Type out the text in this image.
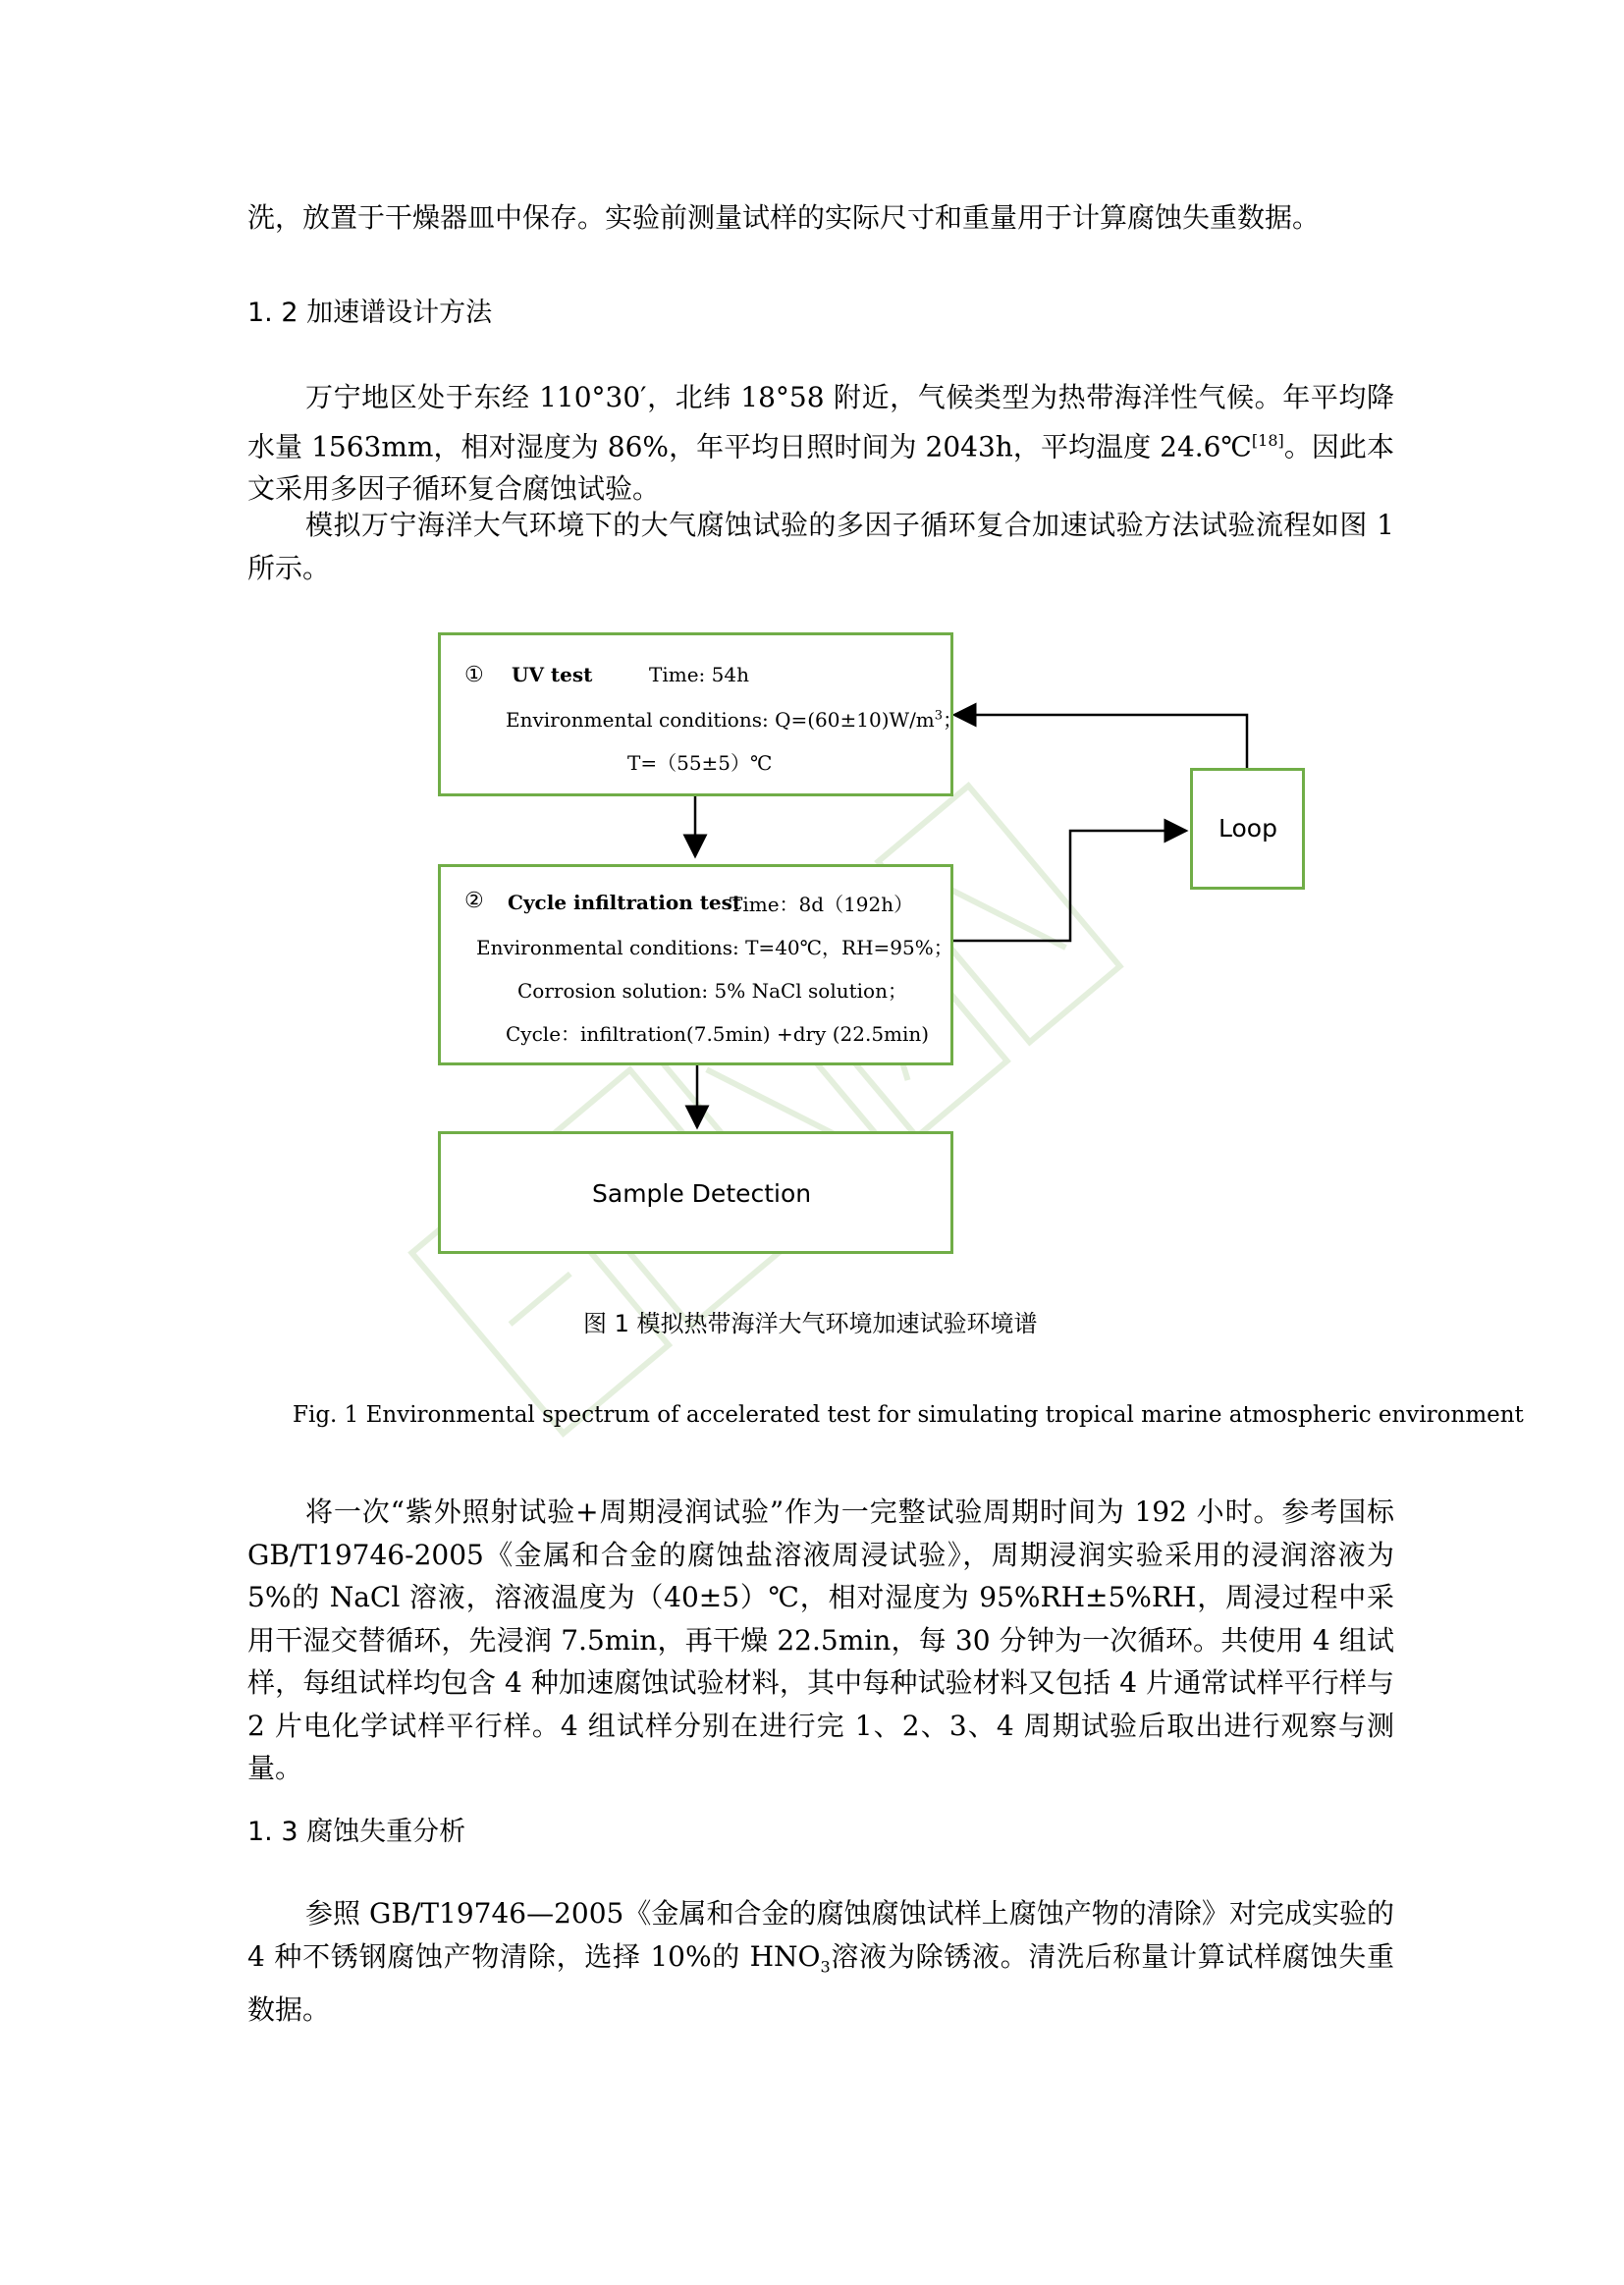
洗，放置于干燥器皿中保存。实验前测量试样的实际尺寸和重量用于计算腐蚀失重数据。
1. 2 加速谱设计方法
万宁地区处于东经 110°30′，北纬 18°58 附近，气候类型为热带海洋性气候。年平均降水量 1563mm，相对湿度为 86%，年平均日照时间为 2043h，平均温度 24.6℃[18]。因此本文采用多因子循环复合腐蚀试验。
模拟万宁海洋大气环境下的大气腐蚀试验的多因子循环复合加速试验方法试验流程如图 1 所示。
① UV test	Time: 54h
Environmental conditions: $Q=(60\pm 10)W/m^3$；
T=（55±5）℃
② Cycle infiltration test
Time：8d（192h）
Environmental conditions: T=40℃，RH=95%；
Corrosion solution: 5% NaCl solution；
Cycle：infiltration(7.5min) +dry (22.5min)
Sample Detection
Loop
图 1 模拟热带海洋大气环境加速试验环境谱
Fig. 1 Environmental spectrum of accelerated test for simulating tropical marine atmospheric environment
将一次“紫外照射试验+周期浸润试验”作为一完整试验周期时间为 192 小时。参考国标 GB/T19746-2005《金属和合金的腐蚀盐溶液周浸试验》，周期浸润实验采用的浸润溶液为 5%的 NaCl 溶液，溶液温度为（40±5）℃，相对湿度为 95%RH±5%RH，周浸过程中采用干湿交替循环，先浸润 7.5min，再干燥 22.5min，每 30 分钟为一次循环。共使用 4 组试样，每组试样均包含 4 种加速腐蚀试验材料，其中每种试验材料又包括 4 片通常试样平行样与 2 片电化学试样平行样。4 组试样分别在进行完 1、2、3、4 周期试验后取出进行观察与测量。
1. 3 腐蚀失重分析
参照 GB/T19746—2005《金属和合金的腐蚀腐蚀试样上腐蚀产物的清除》对完成实验的 4 种不锈钢腐蚀产物清除，选择 10%的 $HNO_3$溶液为除锈液。清洗后称量计算试样腐蚀失重数据。
